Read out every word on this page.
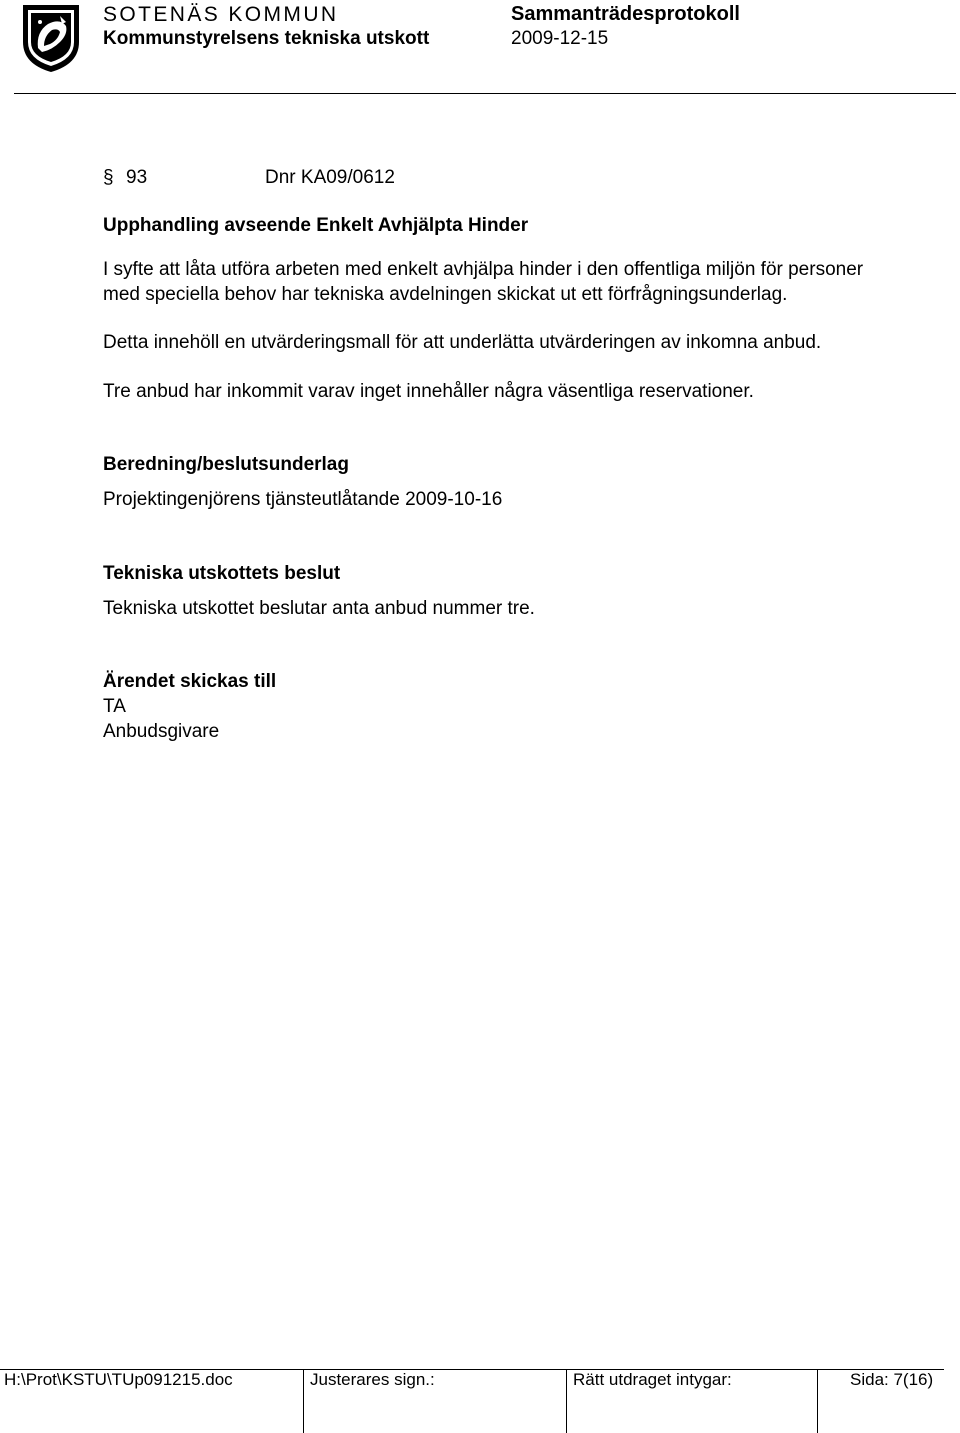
SOTENÄS KOMMUN
Kommunstyrelsens tekniska utskott
Sammanträdesprotokoll
2009-12-15
§ 93	Dnr KA09/0612
Upphandling avseende Enkelt Avhjälpta Hinder

I syfte att låta utföra arbeten med enkelt avhjälpa hinder i den offentliga miljön för personer med speciella behov har tekniska avdelningen skickat ut ett förfrågningsunderlag.

Detta innehöll en utvärderingsmall för att underlätta utvärderingen av inkomna anbud.

Tre anbud har inkommit varav inget innehåller några väsentliga reservationer.

Beredning/beslutsunderlag
Projektingenjörens tjänsteutlåtande 2009-10-16
Tekniska utskottets beslut
Tekniska utskottet beslutar anta anbud nummer tre.
Ärendet skickas till
TA
Anbudsgivare
H:\Prot\KSTU\TUp091215.doc	Justerares sign.:	Rätt utdraget intygar:	Sida: 7(16)
